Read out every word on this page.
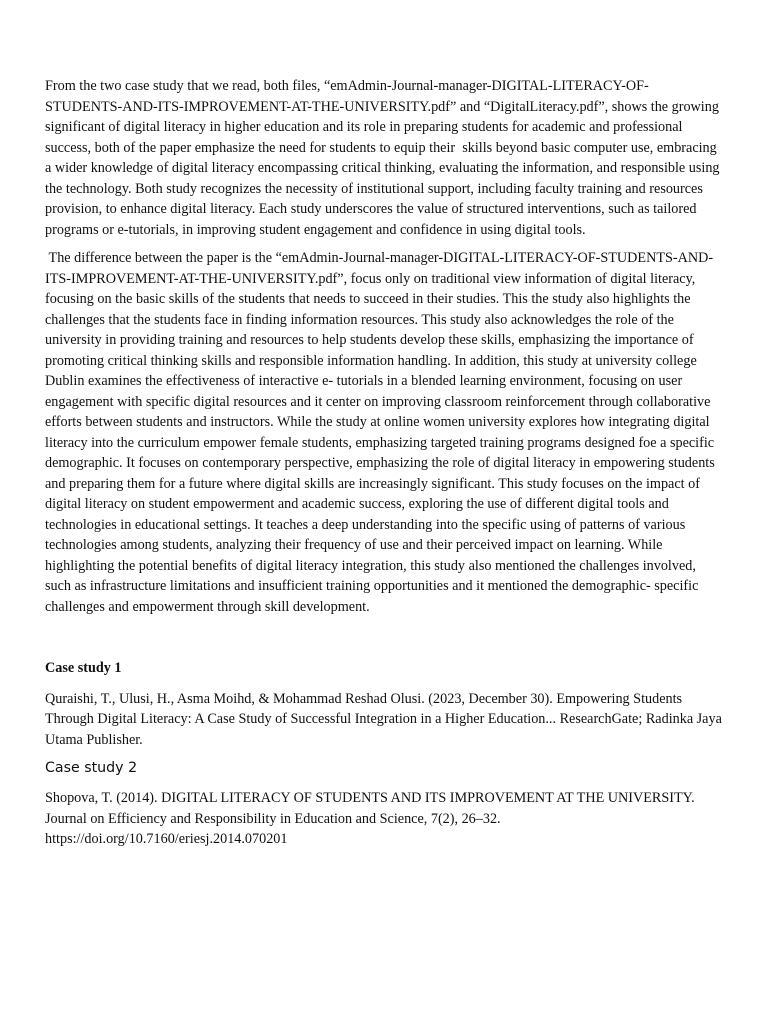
From the two case study that we read, both files, “emAdmin-Journal-manager-DIGITAL-LITERACY-OF-STUDENTS-AND-ITS-IMPROVEMENT-AT-THE-UNIVERSITY.pdf” and “DigitalLiteracy.pdf”, shows the growing significant of digital literacy in higher education and its role in preparing students for academic and professional success, both of the paper emphasize the need for students to equip their  skills beyond basic computer use, embracing a wider knowledge of digital literacy encompassing critical thinking, evaluating the information, and responsible using the technology. Both study recognizes the necessity of institutional support, including faculty training and resources provision, to enhance digital literacy. Each study underscores the value of structured interventions, such as tailored programs or e-tutorials, in improving student engagement and confidence in using digital tools.

The difference between the paper is the “emAdmin-Journal-manager-DIGITAL-LITERACY-OF-STUDENTS-AND-ITS-IMPROVEMENT-AT-THE-UNIVERSITY.pdf”, focus only on traditional view information of digital literacy, focusing on the basic skills of the students that needs to succeed in their studies. This the study also highlights the challenges that the students face in finding information resources. This study also acknowledges the role of the university in providing training and resources to help students develop these skills, emphasizing the importance of promoting critical thinking skills and responsible information handling. In addition, this study at university college Dublin examines the effectiveness of interactive e- tutorials in a blended learning environment, focusing on user engagement with specific digital resources and it center on improving classroom reinforcement through collaborative efforts between students and instructors. While the study at online women university explores how integrating digital literacy into the curriculum empower female students, emphasizing targeted training programs designed foe a specific demographic. It focuses on contemporary perspective, emphasizing the role of digital literacy in empowering students and preparing them for a future where digital skills are increasingly significant. This study focuses on the impact of digital literacy on student empowerment and academic success, exploring the use of different digital tools and technologies in educational settings. It teaches a deep understanding into the specific using of patterns of various technologies among students, analyzing their frequency of use and their perceived impact on learning. While highlighting the potential benefits of digital literacy integration, this study also mentioned the challenges involved, such as infrastructure limitations and insufficient training opportunities and it mentioned the demographic- specific challenges and empowerment through skill development.

Case study 1

Quraishi, T., Ulusi, H., Asma Moihd, & Mohammad Reshad Olusi. (2023, December 30). Empowering Students Through Digital Literacy: A Case Study of Successful Integration in a Higher Education... ResearchGate; Radinka Jaya Utama Publisher.

Case study 2

Shopova, T. (2014). DIGITAL LITERACY OF STUDENTS AND ITS IMPROVEMENT AT THE UNIVERSITY. Journal on Efficiency and Responsibility in Education and Science, 7(2), 26–32. https://doi.org/10.7160/eriesj.2014.070201
